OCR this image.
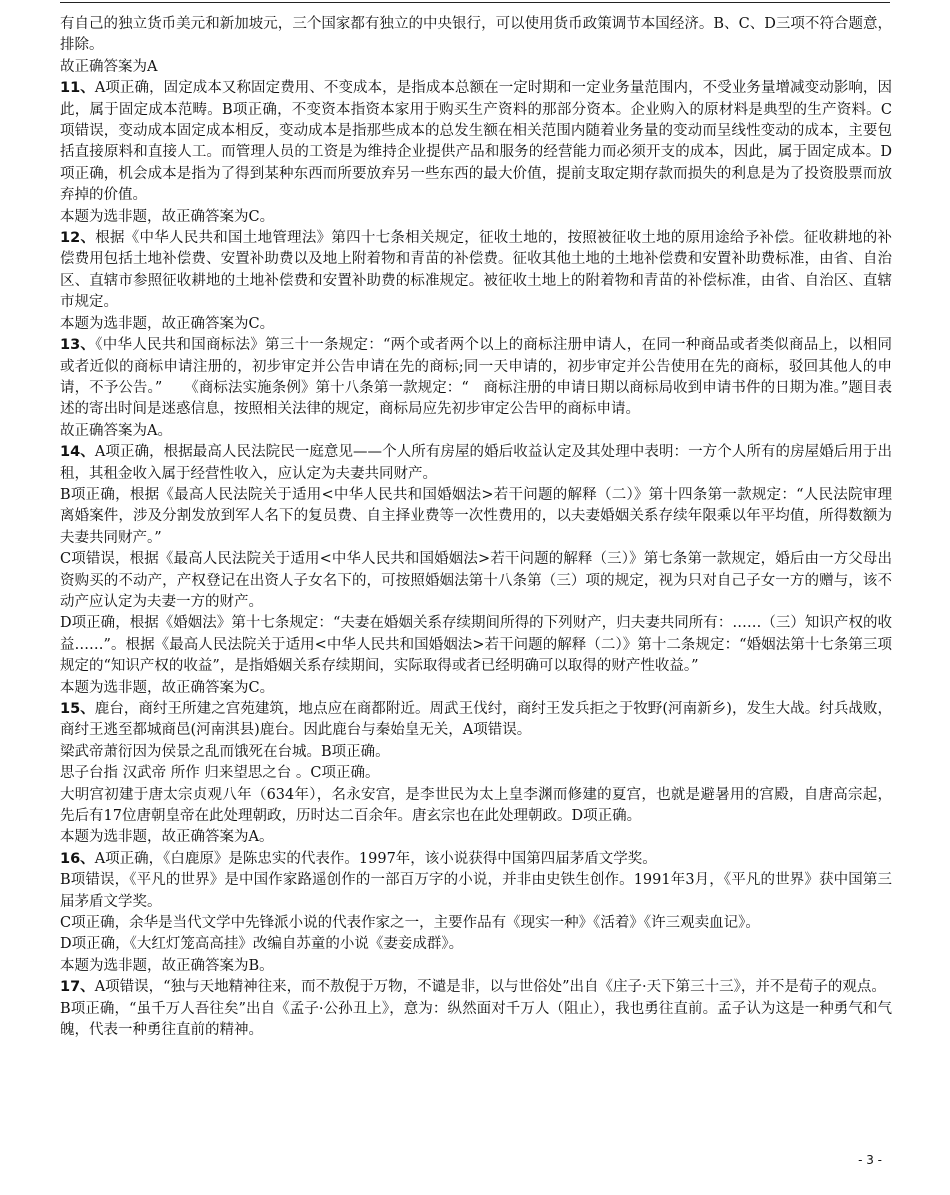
有自己的独立货币美元和新加坡元，三个国家都有独立的中央银行，可以使用货币政策调节本国经济。B、C、D三项不符合题意，排除。

故正确答案为A

11、A项正确，固定成本又称固定费用、不变成本，是指成本总额在一定时期和一定业务量范围内，不受业务量增减变动影响，因此，属于固定成本范畴。B项正确，不变资本指资本家用于购买生产资料的那部分资本。企业购入的原材料是典型的生产资料。C项错误，变动成本固定成本相反，变动成本是指那些成本的总发生额在相关范围内随着业务量的变动而呈线性变动的成本，主要包括直接原料和直接人工。而管理人员的工资是为维持企业提供产品和服务的经营能力而必须开支的成本，因此，属于固定成本。D项正确，机会成本是指为了得到某种东西而所要放弃另一些东西的最大价值，提前支取定期存款而损失的利息是为了投资股票而放弃掉的价值。

本题为选非题，故正确答案为C。

12、根据《中华人民共和国土地管理法》第四十七条相关规定，征收土地的，按照被征收土地的原用途给予补偿。征收耕地的补偿费用包括土地补偿费、安置补助费以及地上附着物和青苗的补偿费。征收其他土地的土地补偿费和安置补助费标准，由省、自治区、直辖市参照征收耕地的土地补偿费和安置补助费的标准规定。被征收土地上的附着物和青苗的补偿标准，由省、自治区、直辖市规定。

本题为选非题，故正确答案为C。

13、《中华人民共和国商标法》第三十一条规定：“两个或者两个以上的商标注册申请人，在同一种商品或者类似商品上，以相同或者近似的商标申请注册的，初步审定并公告申请在先的商标;同一天申请的，初步审定并公告使用在先的商标，驳回其他人的申请，不予公告。”　　《商标法实施条例》第十八条第一款规定：“　商标注册的申请日期以商标局收到申请书件的日期为准。”题目表述的寄出时间是迷惑信息，按照相关法律的规定，商标局应先初步审定公告甲的商标申请。

故正确答案为A。

14、A项正确，根据最高人民法院民一庭意见——个人所有房屋的婚后收益认定及其处理中表明：一方个人所有的房屋婚后用于出租，其租金收入属于经营性收入，应认定为夫妻共同财产。

B项正确，根据《最高人民法院关于适用<中华人民共和国婚姻法>若干问题的解释（二）》第十四条第一款规定：“人民法院审理离婚案件，涉及分割发放到军人名下的复员费、自主择业费等一次性费用的，以夫妻婚姻关系存续年限乘以年平均值，所得数额为夫妻共同财产。”

C项错误，根据《最高人民法院关于适用<中华人民共和国婚姻法>若干问题的解释（三）》第七条第一款规定，婚后由一方父母出资购买的不动产，产权登记在出资人子女名下的，可按照婚姻法第十八条第（三）项的规定，视为只对自己子女一方的赠与，该不动产应认定为夫妻一方的财产。

D项正确，根据《婚姻法》第十七条规定：“夫妻在婚姻关系存续期间所得的下列财产，归夫妻共同所有：……（三）知识产权的收益……”。根据《最高人民法院关于适用<中华人民共和国婚姻法>若干问题的解释（二）》第十二条规定：“婚姻法第十七条第三项规定的“知识产权的收益”，是指婚姻关系存续期间，实际取得或者已经明确可以取得的财产性收益。”

本题为选非题，故正确答案为C。

15、鹿台，商纣王所建之宫苑建筑，地点应在商都附近。周武王伐纣，商纣王发兵拒之于牧野(河南新乡)，发生大战。纣兵战败，商纣王逃至都城商邑(河南淇县)鹿台。因此鹿台与秦始皇无关，A项错误。

梁武帝萧衍因为侯景之乱而饿死在台城。B项正确。

思子台指 汉武帝 所作 归来望思之台 。C项正确。

大明宫初建于唐太宗贞观八年（634年），名永安宫，是李世民为太上皇李渊而修建的夏宫，也就是避暑用的宫殿，自唐高宗起，先后有17位唐朝皇帝在此处理朝政，历时达二百余年。唐玄宗也在此处理朝政。D项正确。

本题为选非题，故正确答案为A。

16、A项正确，《白鹿原》是陈忠实的代表作。1997年，该小说获得中国第四届茅盾文学奖。

B项错误，《平凡的世界》是中国作家路遥创作的一部百万字的小说，并非由史铁生创作。1991年3月，《平凡的世界》获中国第三届茅盾文学奖。

C项正确，余华是当代文学中先锋派小说的代表作家之一，主要作品有《现实一种》《活着》《许三观卖血记》。

D项正确，《大红灯笼高高挂》改编自苏童的小说《妻妾成群》。

本题为选非题，故正确答案为B。

17、A项错误，“独与天地精神往来，而不敖倪于万物，不谴是非，以与世俗处”出自《庄子·天下第三十三》，并不是荀子的观点。

B项正确，“虽千万人吾往矣”出自《孟子·公孙丑上》，意为：纵然面对千万人（阻止），我也勇往直前。孟子认为这是一种勇气和气魄，代表一种勇往直前的精神。

- 3 -
